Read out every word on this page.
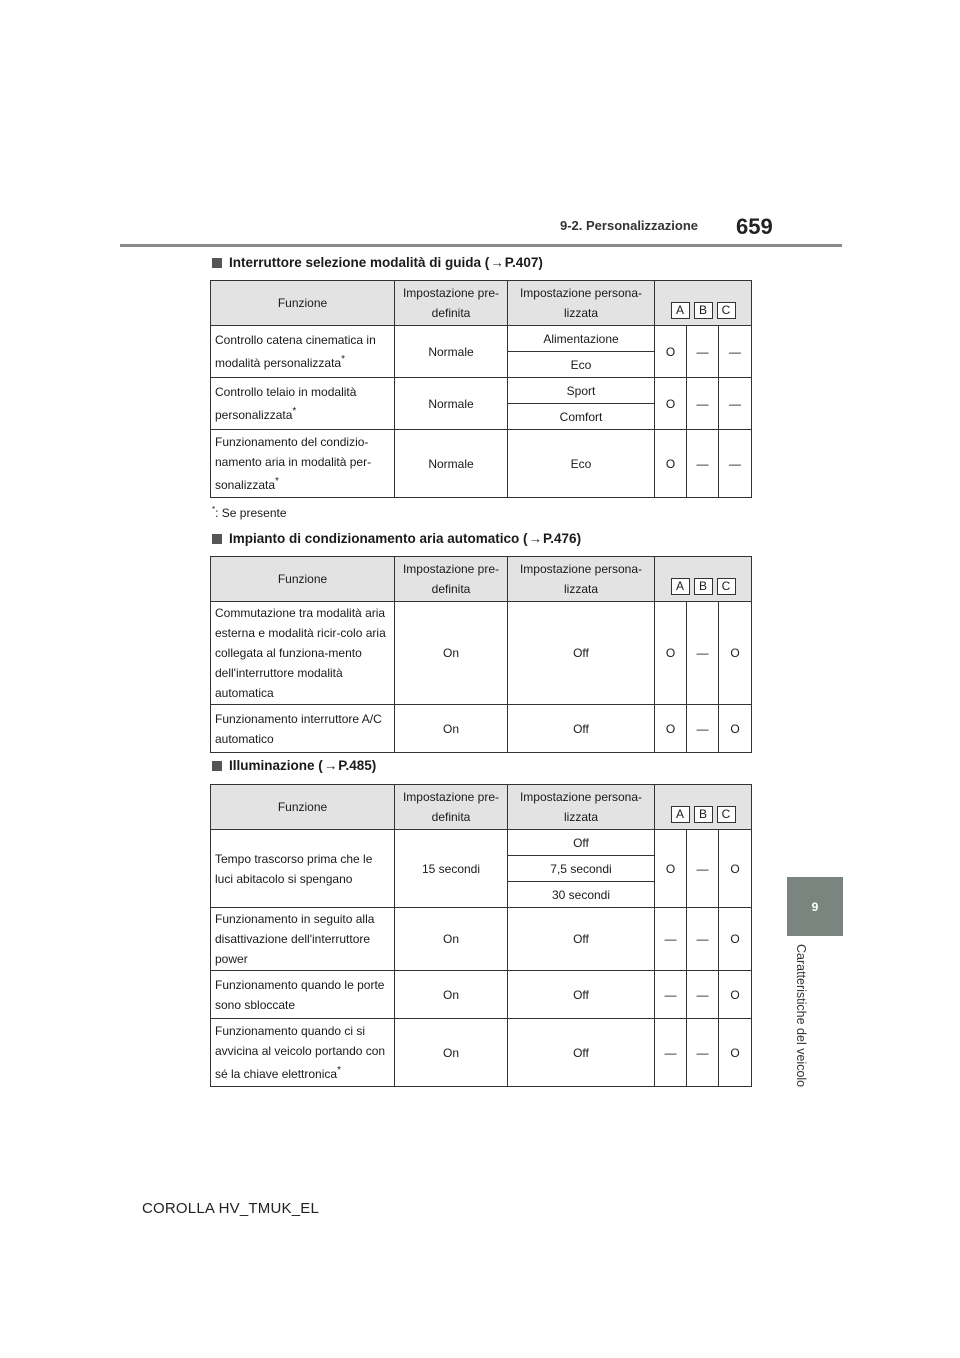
9-2. Personalizzazione 659
9
Caratteristiche del veicolo
Interruttore selezione modalità di guida ( → P.407)
Funzione	Impostazione pre-definita	Impostazione persona-lizzata	A B C		

Controllo catena cinematica in modalità personalizzata*	Normale	Alimentazione	O	—	—
		Eco			
Controllo telaio in modalità personalizzata*	Normale	Sport	O	—	—
		Comfort			
Funzionamento del condizio-namento aria in modalità per-sonalizzata*	Normale	Eco	O	—	—
*: Se presente
Impianto di condizionamento aria automatico ( → P.476)
Funzione	Impostazione pre-definita	Impostazione persona-lizzata	A B C		

Commutazione tra modalità aria esterna e modalità ricir-colo aria collegata al funziona-mento dell'interruttore modalità automatica	On	Off	O	—	O
Funzionamento interruttore A/C automatico	On	Off	O	—	O
Illuminazione ( → P.485)
Funzione	Impostazione pre-definita	Impostazione persona-lizzata	A B C		

Tempo trascorso prima che le luci abitacolo si spengano	15 secondi	Off	O	—	O
		7,5 secondi			
		30 secondi			
Funzionamento in seguito alla disattivazione dell'interruttore power	On	Off	—	—	O
Funzionamento quando le porte sono sbloccate	On	Off	—	—	O
Funzionamento quando ci si avvicina al veicolo portando con sé la chiave elettronica*	On	Off	—	—	O
COROLLA HV_TMUK_EL
